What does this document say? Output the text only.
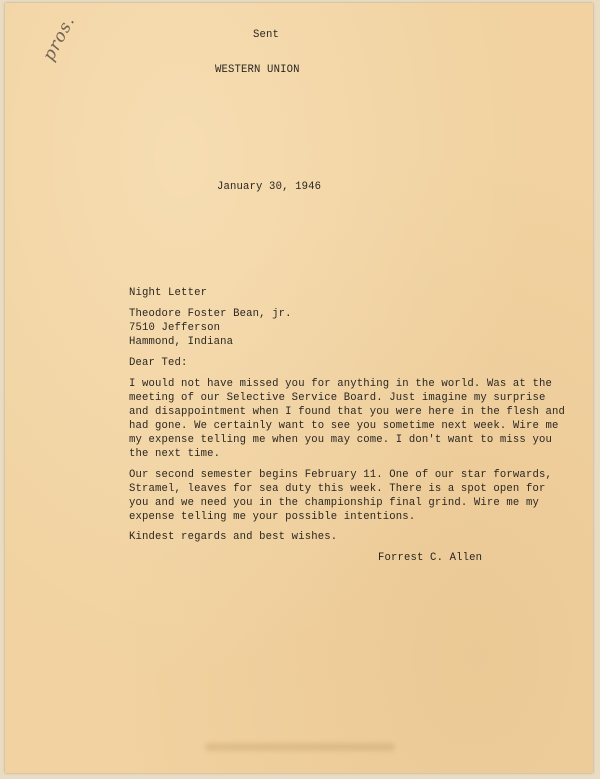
pros.	Sent
WESTERN UNION
January 30, 1946
Night Letter
Theodore Foster Bean, jr.
7510 Jefferson
Hammond, Indiana
Dear Ted:
I would not have missed you for anything in the world. Was at the
meeting of our Selective Service Board. Just imagine my surprise
and disappointment when I found that you were here in the flesh and
had gone. We certainly want to see you sometime next week. Wire me
my expense telling me when you may come. I don't want to miss you
the next time.
Our second semester begins February 11. One of our star forwards,
Stramel, leaves for sea duty this week. There is a spot open for
you and we need you in the championship final grind. Wire me my
expense telling me your possible intentions.
Kindest regards and best wishes.
Forrest C. Allen
